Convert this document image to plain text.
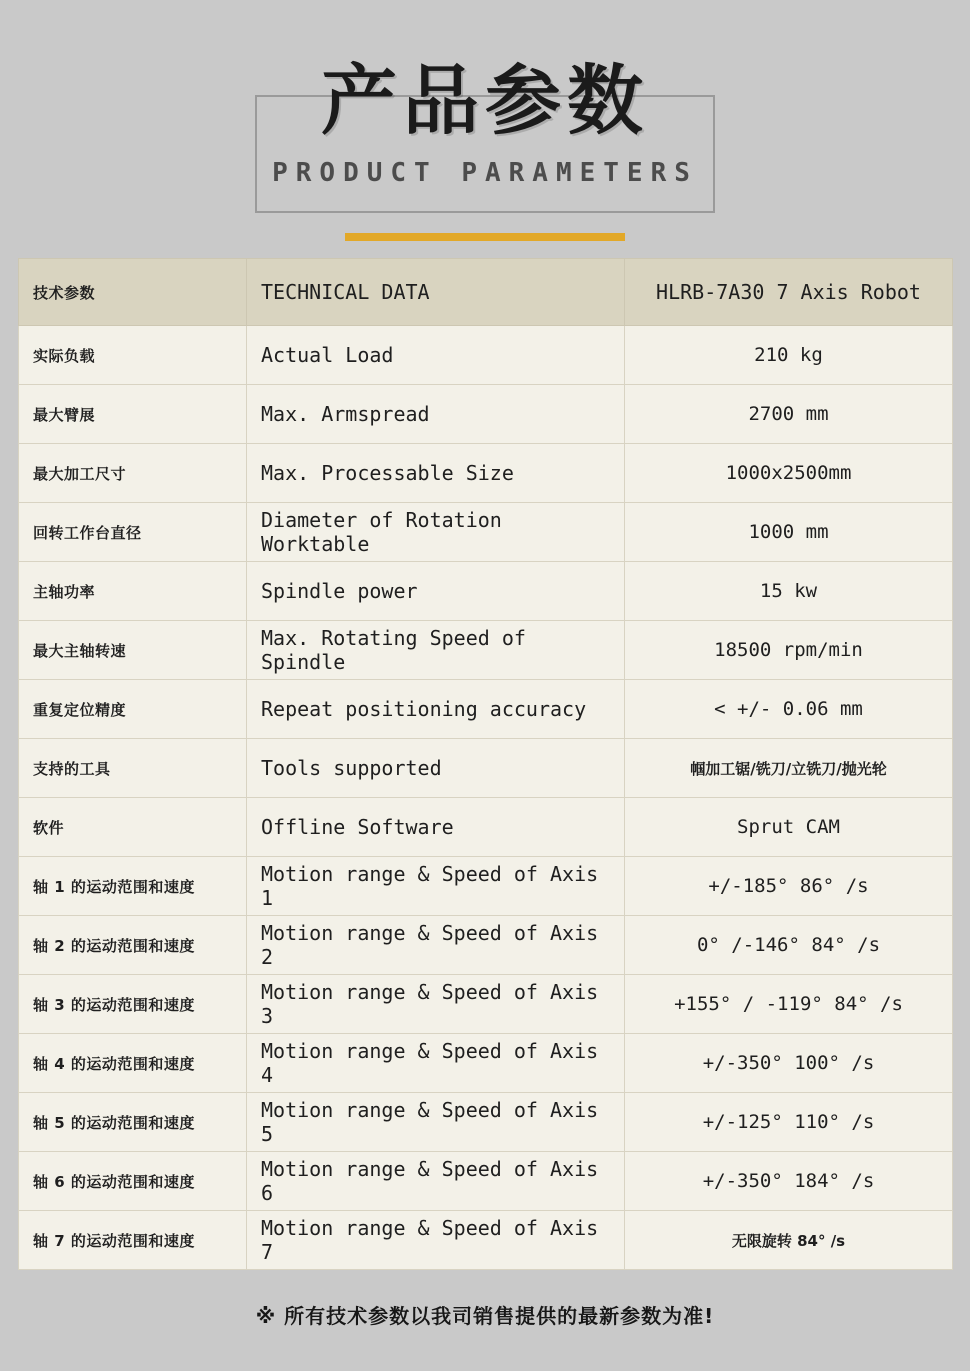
产品参数
PRODUCT PARAMETERS
技术参数	TECHNICAL DATA	HLRB-7A30 7 Axis Robot
实际负载	Actual Load	210 kg
最大臂展	Max. Armspread	2700 mm
最大加工尺寸	Max. Processable Size	1000x2500mm
回转工作台直径	Diameter of Rotation Worktable	1000 mm
主轴功率	Spindle power	15 kw
最大主轴转速	Max. Rotating Speed of Spindle	18500 rpm/min
重复定位精度	Repeat positioning accuracy	< +/- 0.06 mm
支持的工具	Tools supported	帼加工锯/铣刀/立铣刀/抛光轮
软件	Offline Software	Sprut CAM
轴 1 的运动范围和速度	Motion range & Speed of Axis 1	+/-185° 86° /s
轴 2 的运动范围和速度	Motion range & Speed of Axis 2	0° /-146° 84° /s
轴 3 的运动范围和速度	Motion range & Speed of Axis 3	+155° / -119° 84° /s
轴 4 的运动范围和速度	Motion range & Speed of Axis 4	+/-350° 100° /s
轴 5 的运动范围和速度	Motion range & Speed of Axis 5	+/-125° 110° /s
轴 6 的运动范围和速度	Motion range & Speed of Axis 6	+/-350° 184° /s
轴 7 的运动范围和速度	Motion range & Speed of Axis 7	无限旋转 84° /s
※ 所有技术参数以我司销售提供的最新参数为准!
